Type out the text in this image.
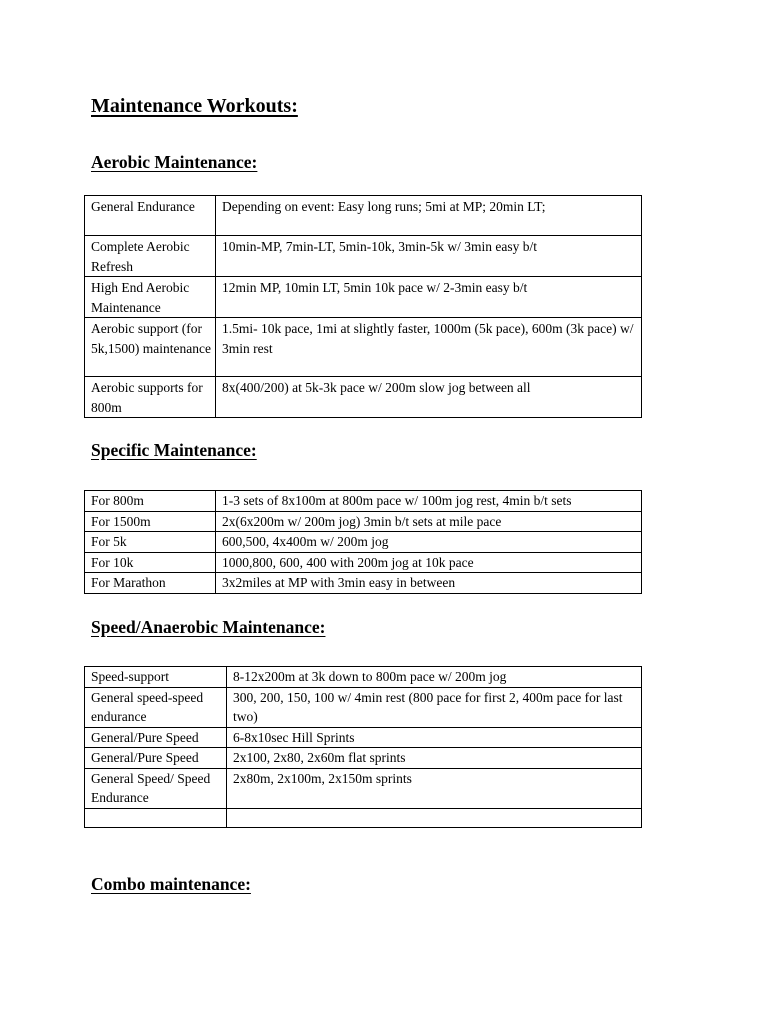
Maintenance Workouts:
Aerobic Maintenance:
General Endurance	Depending on event: Easy long runs; 5mi at MP; 20min LT;
Complete Aerobic Refresh	10min-MP, 7min-LT, 5min-10k, 3min-5k w/ 3min easy b/t
High End Aerobic Maintenance	12min MP, 10min LT, 5min 10k pace w/ 2-3min easy b/t
Aerobic support (for 5k,1500) maintenance	1.5mi- 10k pace, 1mi at slightly faster, 1000m (5k pace), 600m (3k pace) w/ 3min rest
Aerobic supports for 800m	8x(400/200) at 5k-3k pace w/ 200m slow jog between all
Specific Maintenance:
For 800m	1-3 sets of 8x100m at 800m pace w/ 100m jog rest, 4min b/t sets
For 1500m	2x(6x200m w/ 200m jog) 3min b/t sets at mile pace
For 5k	600,500, 4x400m w/ 200m jog
For 10k	1000,800, 600, 400 with 200m jog at 10k pace
For Marathon	3x2miles at MP with 3min easy in between
Speed/Anaerobic Maintenance:
Speed-support	8-12x200m at 3k down to 800m pace w/ 200m jog
General speed-speed endurance	300, 200, 150, 100 w/ 4min rest (800 pace for first 2, 400m pace for last two)
General/Pure Speed	6-8x10sec Hill Sprints
General/Pure Speed	2x100, 2x80, 2x60m flat sprints
General Speed/ Speed Endurance	2x80m, 2x100m, 2x150m sprints

Combo maintenance:
